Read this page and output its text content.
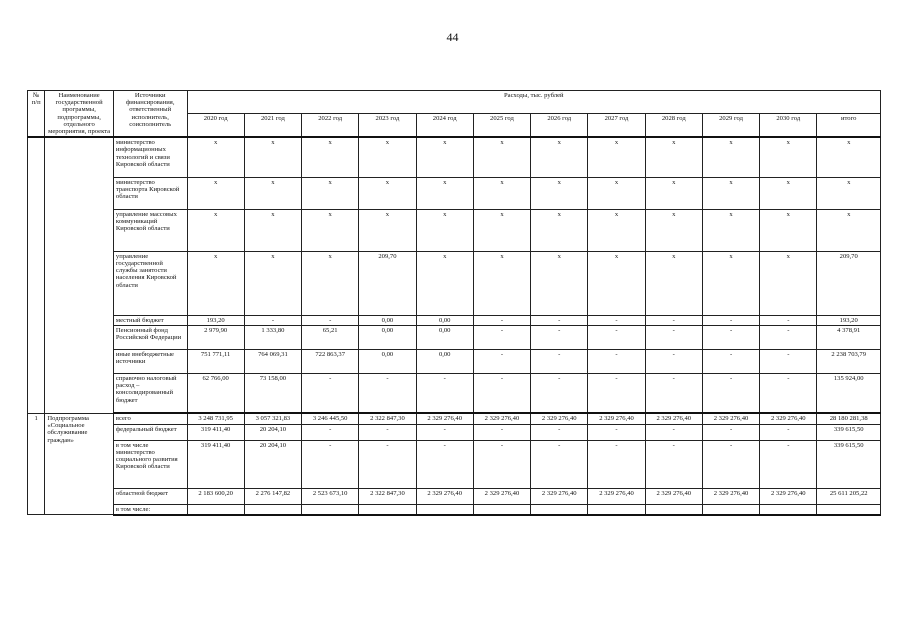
44
№ п/п	Наименование государственной программы, подпрограммы, отдельного мероприятия, проекта	Источники финансирования, ответственный исполнитель, соисполнитель	Расходы, тыс. рублей											
			2020 год	2021 год	2022 год	2023 год	2024 год	2025 год	2026 год	2027 год	2028 год	2029 год	2030 год	итого
		министерство информационных технологий и связи Кировской области	х	х	х	х	х	х	х	х	х	х	х	х
		министерство транспорта Кировской области	х	х	х	х	х	х	х	х	х	х	х	х
		управление массовых коммуникаций Кировской области	х	х	х	х	х	х	х	х	х	х	х	х
		управление государственной службы занятости населения Кировской области	х	х	х	209,70	х	х	х	х	х	х	х	209,70
		местный бюджет	193,20	-	-	0,00	0,00	-	-	-	-	-	-	193,20
		Пенсионный фонд Российской Федерации	2 979,90	1 333,80	65,21	0,00	0,00	-	-	-	-	-	-	4 378,91
		иные внебюджетные источники	751 771,11	764 069,31	722 863,37	0,00	0,00	-	-	-	-	-	-	2 238 703,79
		справочно налоговый расход – консолидированный бюджет	62 766,00	73 158,00	-	-	-	-	-	-	-	-	-	135 924,00
1	Подпрограмма «Социальное обслуживание граждан»	всего	3 248 731,95	3 057 321,83	3 246 445,50	2 322 847,30	2 329 276,40	2 329 276,40	2 329 276,40	2 329 276,40	2 329 276,40	2 329 276,40	2 329 276,40	28 180 281,38
		федеральный бюджет	319 411,40	20 204,10	-	-	-	-	-	-	-	-	-	339 615,50
		в том числе министерство социального развития Кировской области	319 411,40	20 204,10	-	-	-	-	-	-	-	-	-	339 615,50
		областной бюджет	2 183 600,20	2 276 147,82	2 523 673,10	2 322 847,30	2 329 276,40	2 329 276,40	2 329 276,40	2 329 276,40	2 329 276,40	2 329 276,40	2 329 276,40	25 611 205,22
		в том числе:												
